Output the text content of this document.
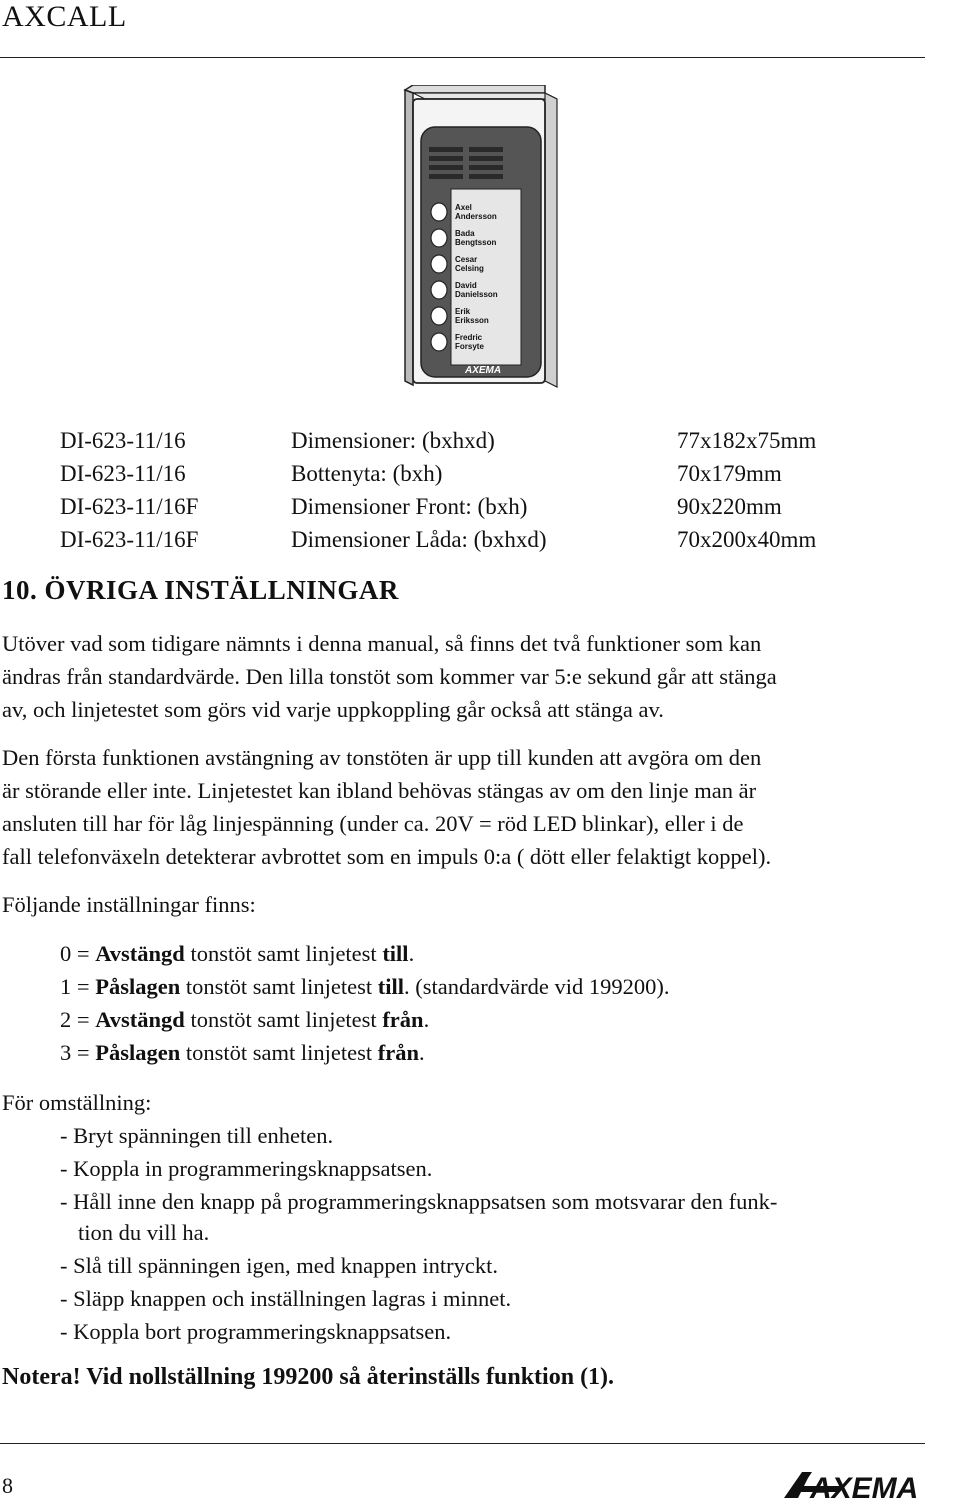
AXCALL
Axel
Andersson
Bada
Bengtsson
Cesar
Celsing
David
Danielsson
Erik
Eriksson
Fredric
Forsyte
AXEMA
DI-623-11/16	Dimensioner: (bxhxd)	77x182x75mm
DI-623-11/16	Bottenyta: (bxh)	70x179mm
DI-623-11/16F	Dimensioner Front: (bxh)	90x220mm
DI-623-11/16F	Dimensioner Låda: (bxhxd)	70x200x40mm
10. ÖVRIGA INSTÄLLNINGAR
Utöver vad som tidigare nämnts i denna manual, så finns det två funktioner som kan
ändras från standardvärde. Den lilla tonstöt som kommer var 5:e sekund går att stänga
av, och linjetestet som görs vid varje uppkoppling går också att stänga av.
Den första funktionen avstängning av tonstöten är upp till kunden att avgöra om den
är störande eller inte. Linjetestet kan ibland behövas stängas av om den linje man är
ansluten till har för låg linjespänning (under ca. 20V = röd LED blinkar), eller i de
fall telefonväxeln detekterar avbrottet som en impuls 0:a ( dött eller felaktigt koppel).
Följande inställningar finns:
0 = Avstängd tonstöt samt linjetest till.
1 = Påslagen tonstöt samt linjetest till. (standardvärde vid 199200).
2 = Avstängd tonstöt samt linjetest från.
3 = Påslagen tonstöt samt linjetest från.
För omställning:
- Bryt spänningen till enheten.
- Koppla in programmeringsknappsatsen.
- Håll inne den knapp på programmeringsknappsatsen som motsvarar den funk-
tion du vill ha.
- Slå till spänningen igen, med knappen intryckt.
- Släpp knappen och inställningen lagras i minnet.
- Koppla bort programmeringsknappsatsen.
Notera! Vid nollställning 199200 så återinställs funktion (1).
8	AXEMA
